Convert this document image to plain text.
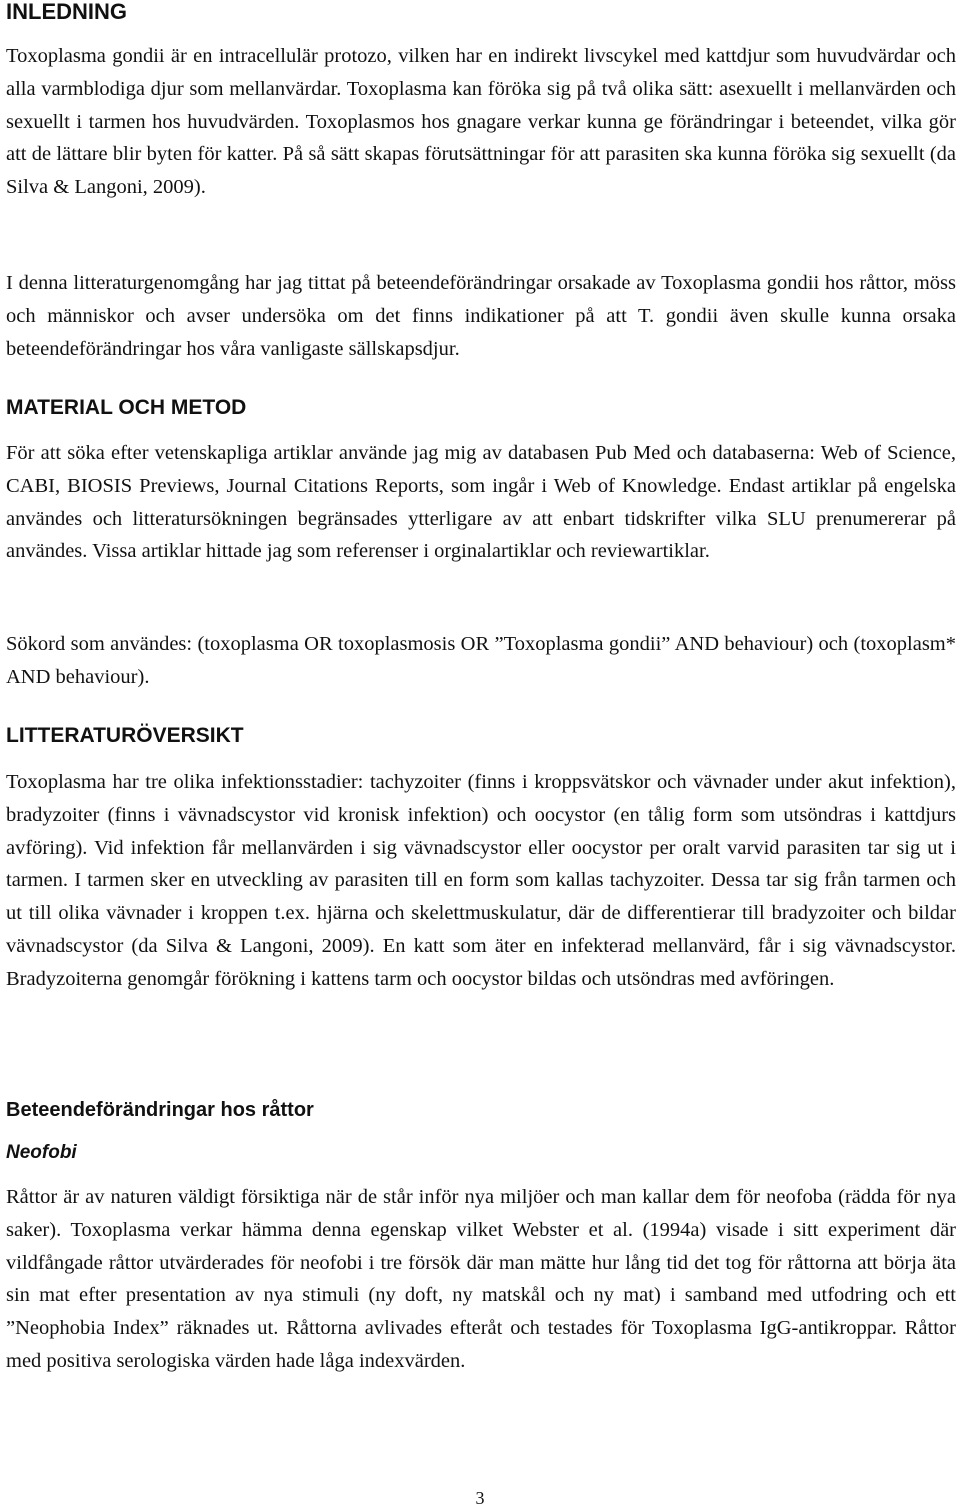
INLEDNING

Toxoplasma gondii är en intracellulär protozo, vilken har en indirekt livscykel med kattdjur som huvudvärdar och alla varmblodiga djur som mellanvärdar. Toxoplasma kan föröka sig på två olika sätt: asexuellt i mellanvärden och sexuellt i tarmen hos huvudvärden. Toxoplasmos hos gnagare verkar kunna ge förändringar i beteendet, vilka gör att de lättare blir byten för katter. På så sätt skapas förutsättningar för att parasiten ska kunna föröka sig sexuellt (da Silva & Langoni, 2009).

I denna litteraturgenomgång har jag tittat på beteendeförändringar orsakade av Toxoplasma gondii hos råttor, möss och människor och avser undersöka om det finns indikationer på att T. gondii även skulle kunna orsaka beteendeförändringar hos våra vanligaste sällskapsdjur.

MATERIAL OCH METOD

För att söka efter vetenskapliga artiklar använde jag mig av databasen Pub Med och databaserna: Web of Science, CABI, BIOSIS Previews, Journal Citations Reports, som ingår i Web of Knowledge. Endast artiklar på engelska användes och litteratursökningen begränsades ytterligare av att enbart tidskrifter vilka SLU prenumererar på användes. Vissa artiklar hittade jag som referenser i orginalartiklar och reviewartiklar.

Sökord som användes: (toxoplasma OR toxoplasmosis OR ”Toxoplasma gondii” AND behaviour) och (toxoplasm* AND behaviour).

LITTERATURÖVERSIKT

Toxoplasma har tre olika infektionsstadier: tachyzoiter (finns i kroppsvätskor och vävnader under akut infektion), bradyzoiter (finns i vävnadscystor vid kronisk infektion) och oocystor (en tålig form som utsöndras i kattdjurs avföring). Vid infektion får mellanvärden i sig vävnadscystor eller oocystor per oralt varvid parasiten tar sig ut i tarmen. I tarmen sker en utveckling av parasiten till en form som kallas tachyzoiter. Dessa tar sig från tarmen och ut till olika vävnader i kroppen t.ex. hjärna och skelettmuskulatur, där de differentierar till bradyzoiter och bildar vävnadscystor (da Silva & Langoni, 2009). En katt som äter en infekterad mellanvärd, får i sig vävnadscystor. Bradyzoiterna genomgår förökning i kattens tarm och oocystor bildas och utsöndras med avföringen.

Beteendeförändringar hos råttor
Neofobi

Råttor är av naturen väldigt försiktiga när de står inför nya miljöer och man kallar dem för neofoba (rädda för nya saker). Toxoplasma verkar hämma denna egenskap vilket Webster et al. (1994a) visade i sitt experiment där vildfångade råttor utvärderades för neofobi i tre försök där man mätte hur lång tid det tog för råttorna att börja äta sin mat efter presentation av nya stimuli (ny doft, ny matskål och ny mat) i samband med utfodring och ett ”Neophobia Index” räknades ut. Råttorna avlivades efteråt och testades för Toxoplasma IgG-antikroppar. Råttor med positiva serologiska värden hade låga indexvärden.

3
